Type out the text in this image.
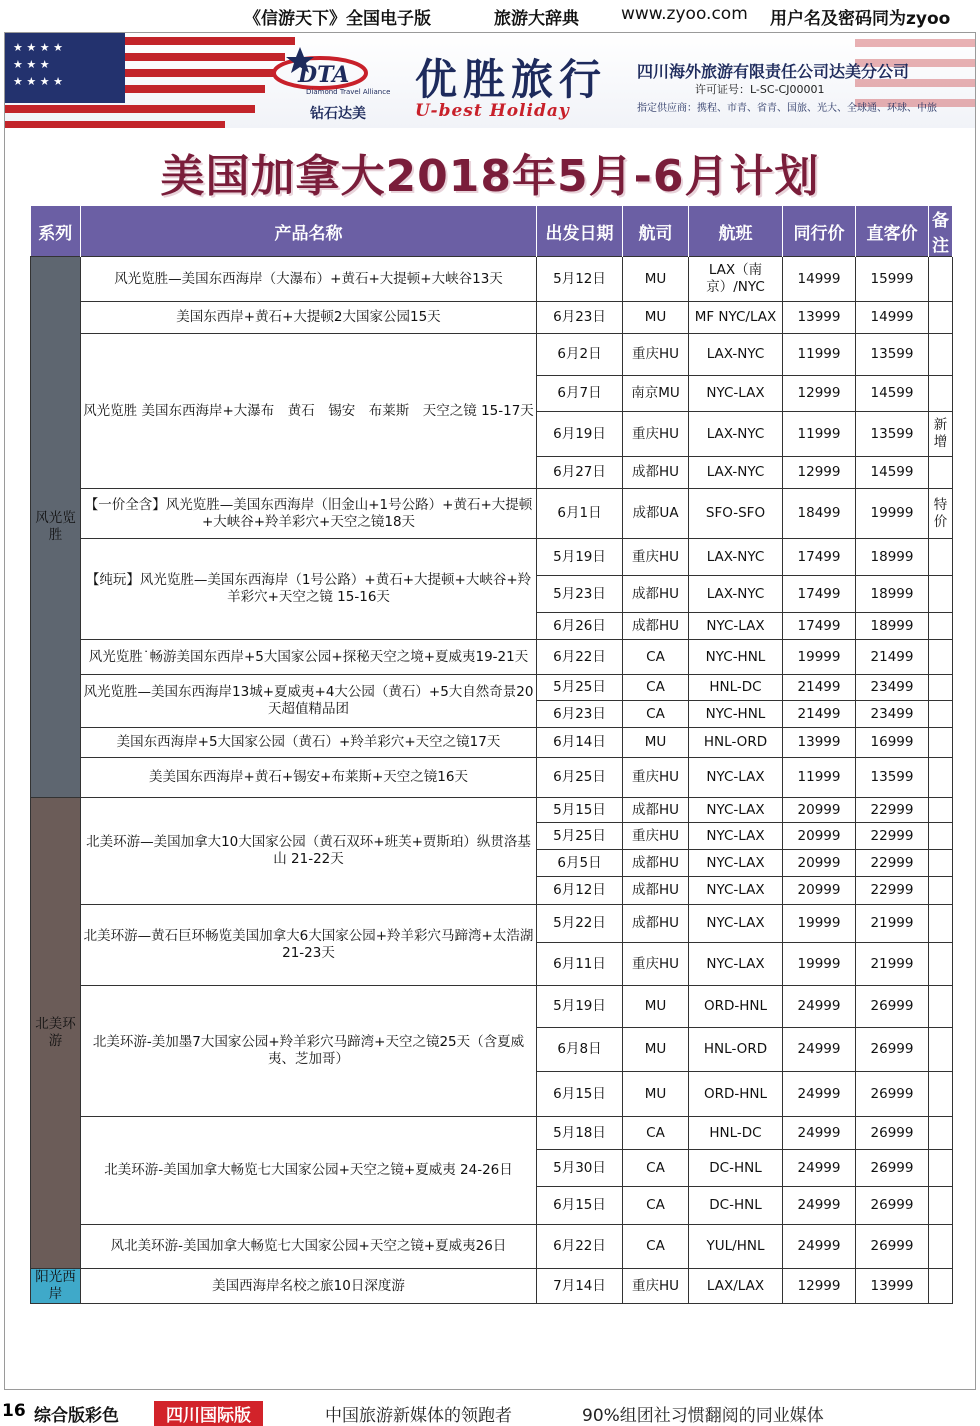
《信游天下》全国电子版	旅游大辞典 www.zyoo.com 用户名及密码同为zyoo
★ ★ ★ ★ ★ ★ ★ ★ ★ ★ ★
DTA
Diamond Travel Alliance
钻石达美
优胜旅行
U-best Holiday
四川海外旅游有限责任公司达美分公司
许可证号：L-SC-CJ00001
指定供应商：携程、市青、省青、国旅、光大、全球通、环球、中旅
美国加拿大2018年5月-6月计划
系列	产品名称	出发日期	航司	航班	同行价	直客价	备注
风光览胜	风光览胜—美国东西海岸（大瀑布）+黄石+大提顿+大峡谷13天	5月12日	MU	LAX（南京）/NYC	14999	15999	
	美国东西岸+黄石+大提顿2大国家公园15天	6月23日	MU	MF NYC/LAX	13999	14999	
	风光览胜 美国东西海岸+大瀑布　黄石　锡安　布莱斯　天空之镜 15-17天	6月2日	重庆HU	LAX-NYC	11999	13599	
		6月7日	南京MU	NYC-LAX	12999	14599	
		6月19日	重庆HU	LAX-NYC	11999	13599	新增
		6月27日	成都HU	LAX-NYC	12999	14599	
	【一价全含】风光览胜—美国东西海岸（旧金山+1号公路）+黄石+大提顿+大峡谷+羚羊彩穴+天空之镜18天	6月1日	成都UA	SFO-SFO	18499	19999	特价
	【纯玩】风光览胜—美国东西海岸（1号公路）+黄石+大提顿+大峡谷+羚羊彩穴+天空之镜 15-16天	5月19日	重庆HU	LAX-NYC	17499	18999	
		5月23日	成都HU	LAX-NYC	17499	18999	
		6月26日	成都HU	NYC-LAX	17499	18999	
	风光览胜˙畅游美国东西岸+5大国家公园+探秘天空之境+夏威夷19-21天	6月22日	CA	NYC-HNL	19999	21499	
	风光览胜—美国东西海岸13城+夏威夷+4大公园（黄石）+5大自然奇景20天超值精品团	5月25日	CA	HNL-DC	21499	23499	
		6月23日	CA	NYC-HNL	21499	23499	
	美国东西海岸+5大国家公园（黄石）+羚羊彩穴+天空之镜17天	6月14日	MU	HNL-ORD	13999	16999	
	美美国东西海岸+黄石+锡安+布莱斯+天空之镜16天	6月25日	重庆HU	NYC-LAX	11999	13599	
北美环游	北美环游—美国加拿大10大国家公园（黄石双环+班芙+贾斯珀）纵贯洛基山 21-22天	5月15日	成都HU	NYC-LAX	20999	22999	
		5月25日	重庆HU	NYC-LAX	20999	22999	
		6月5日	成都HU	NYC-LAX	20999	22999	
		6月12日	成都HU	NYC-LAX	20999	22999	
	北美环游—黄石巨环畅览美国加拿大6大国家公园+羚羊彩穴马蹄湾+太浩湖 21-23天	5月22日	成都HU	NYC-LAX	19999	21999	
		6月11日	重庆HU	NYC-LAX	19999	21999	
	北美环游-美加墨7大国家公园+羚羊彩穴马蹄湾+天空之镜25天（含夏威夷、芝加哥）	5月19日	MU	ORD-HNL	24999	26999	
		6月8日	MU	HNL-ORD	24999	26999	
		6月15日	MU	ORD-HNL	24999	26999	
	北美环游-美国加拿大畅览七大国家公园+天空之镜+夏威夷 24-26日	5月18日	CA	HNL-DC	24999	26999	
		5月30日	CA	DC-HNL	24999	26999	
		6月15日	CA	DC-HNL	24999	26999	
	风北美环游-美国加拿大畅览七大国家公园+天空之镜+夏威夷26日	6月22日	CA	YUL/HNL	24999	26999	
阳光西岸	美国西海岸名校之旅10日深度游	7月14日	重庆HU	LAX/LAX	12999	13999	
16 综合版彩色	四川国际版	中国旅游新媒体的领跑者	90%组团社习惯翻阅的同业媒体
